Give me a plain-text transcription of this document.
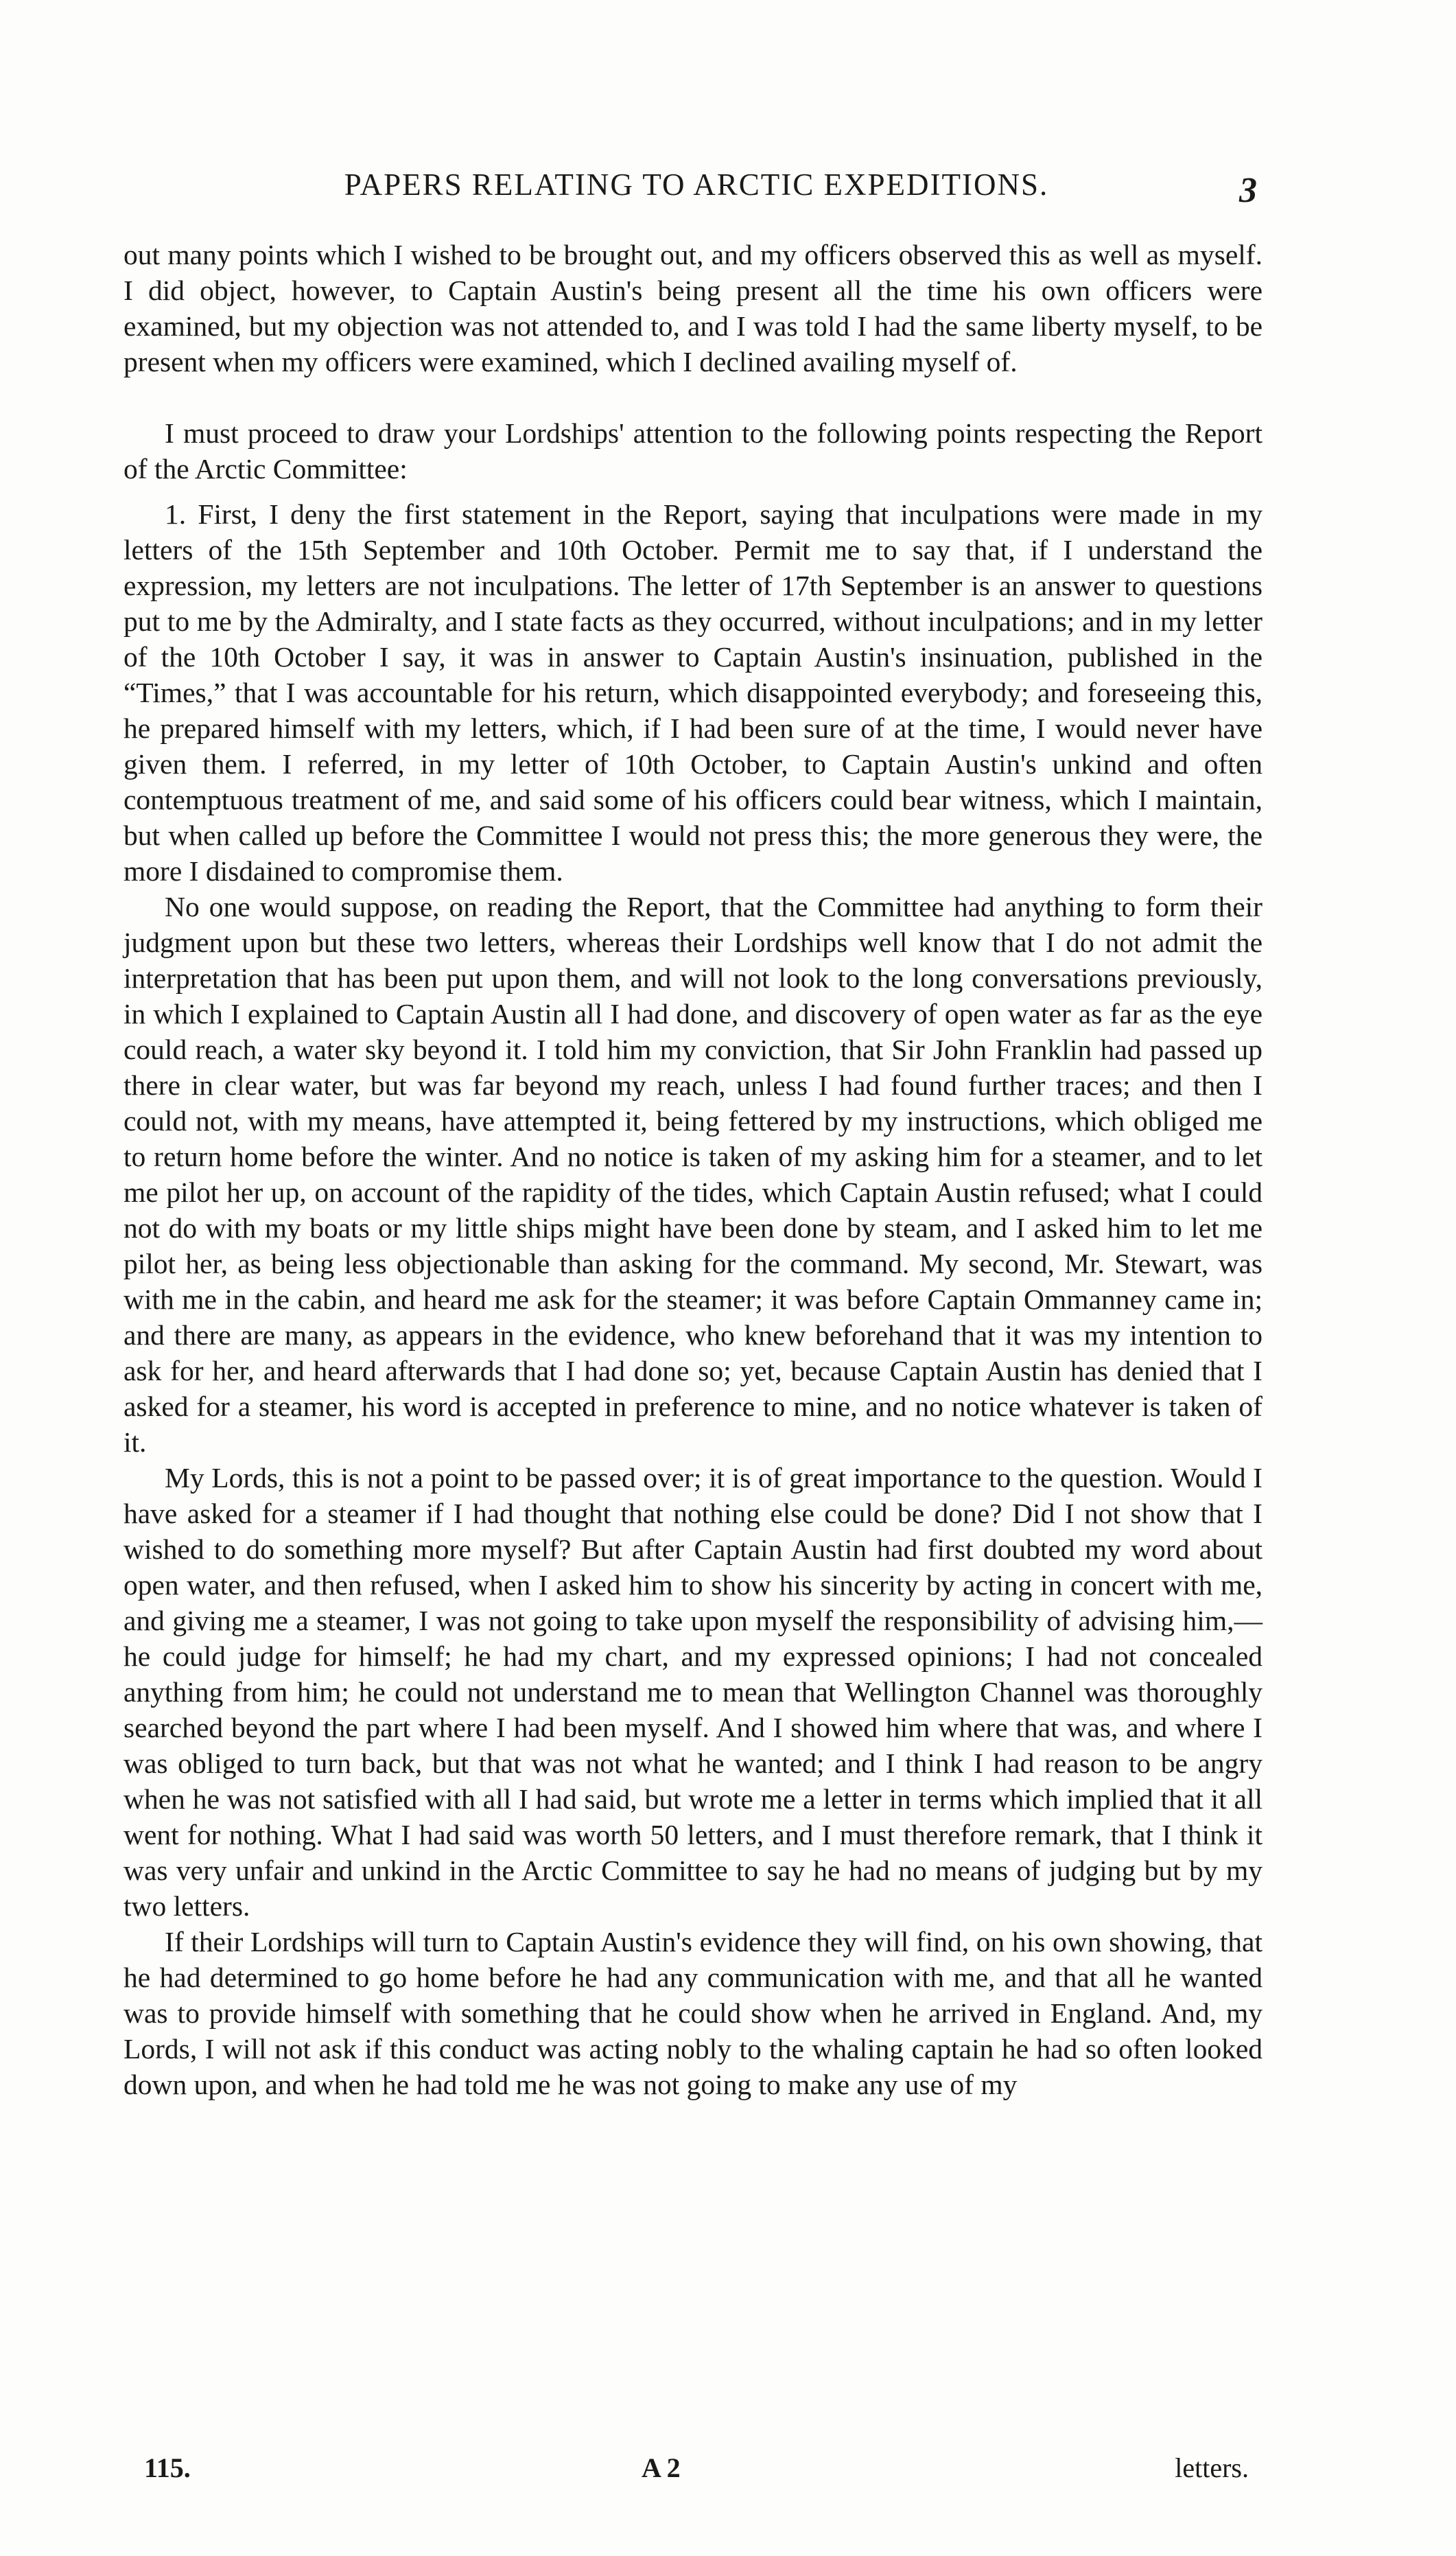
PAPERS RELATING TO ARCTIC EXPEDITIONS.	3

out many points which I wished to be brought out, and my officers observed this as well as myself. I did object, however, to Captain Austin's being present all the time his own officers were examined, but my objection was not attended to, and I was told I had the same liberty myself, to be present when my officers were examined, which I declined availing myself of.

I must proceed to draw your Lordships' attention to the following points respecting the Report of the Arctic Committee:

1. First, I deny the first statement in the Report, saying that inculpations were made in my letters of the 15th September and 10th October. Permit me to say that, if I understand the expression, my letters are not inculpations. The letter of 17th September is an answer to questions put to me by the Admiralty, and I state facts as they occurred, without inculpations; and in my letter of the 10th October I say, it was in answer to Captain Austin's insinuation, published in the “Times,” that I was accountable for his return, which disappointed everybody; and foreseeing this, he prepared himself with my letters, which, if I had been sure of at the time, I would never have given them. I referred, in my letter of 10th October, to Captain Austin's unkind and often contemptuous treatment of me, and said some of his officers could bear witness, which I maintain, but when called up before the Committee I would not press this; the more generous they were, the more I disdained to compromise them.

No one would suppose, on reading the Report, that the Committee had anything to form their judgment upon but these two letters, whereas their Lordships well know that I do not admit the interpretation that has been put upon them, and will not look to the long conversations previously, in which I explained to Captain Austin all I had done, and discovery of open water as far as the eye could reach, a water sky beyond it. I told him my conviction, that Sir John Franklin had passed up there in clear water, but was far beyond my reach, unless I had found further traces; and then I could not, with my means, have attempted it, being fettered by my instructions, which obliged me to return home before the winter. And no notice is taken of my asking him for a steamer, and to let me pilot her up, on account of the rapidity of the tides, which Captain Austin refused; what I could not do with my boats or my little ships might have been done by steam, and I asked him to let me pilot her, as being less objectionable than asking for the command. My second, Mr. Stewart, was with me in the cabin, and heard me ask for the steamer; it was before Captain Ommanney came in; and there are many, as appears in the evidence, who knew beforehand that it was my intention to ask for her, and heard afterwards that I had done so; yet, because Captain Austin has denied that I asked for a steamer, his word is accepted in preference to mine, and no notice whatever is taken of it.

My Lords, this is not a point to be passed over; it is of great importance to the question. Would I have asked for a steamer if I had thought that nothing else could be done? Did I not show that I wished to do something more myself? But after Captain Austin had first doubted my word about open water, and then refused, when I asked him to show his sincerity by acting in concert with me, and giving me a steamer, I was not going to take upon myself the responsibility of advising him,—he could judge for himself; he had my chart, and my expressed opinions; I had not concealed anything from him; he could not understand me to mean that Wellington Channel was thoroughly searched beyond the part where I had been myself. And I showed him where that was, and where I was obliged to turn back, but that was not what he wanted; and I think I had reason to be angry when he was not satisfied with all I had said, but wrote me a letter in terms which implied that it all went for nothing. What I had said was worth 50 letters, and I must therefore remark, that I think it was very unfair and unkind in the Arctic Committee to say he had no means of judging but by my two letters.

If their Lordships will turn to Captain Austin's evidence they will find, on his own showing, that he had determined to go home before he had any communication with me, and that all he wanted was to provide himself with something that he could show when he arrived in England. And, my Lords, I will not ask if this conduct was acting nobly to the whaling captain he had so often looked down upon, and when he had told me he was not going to make any use of my

115.	A 2	letters.
